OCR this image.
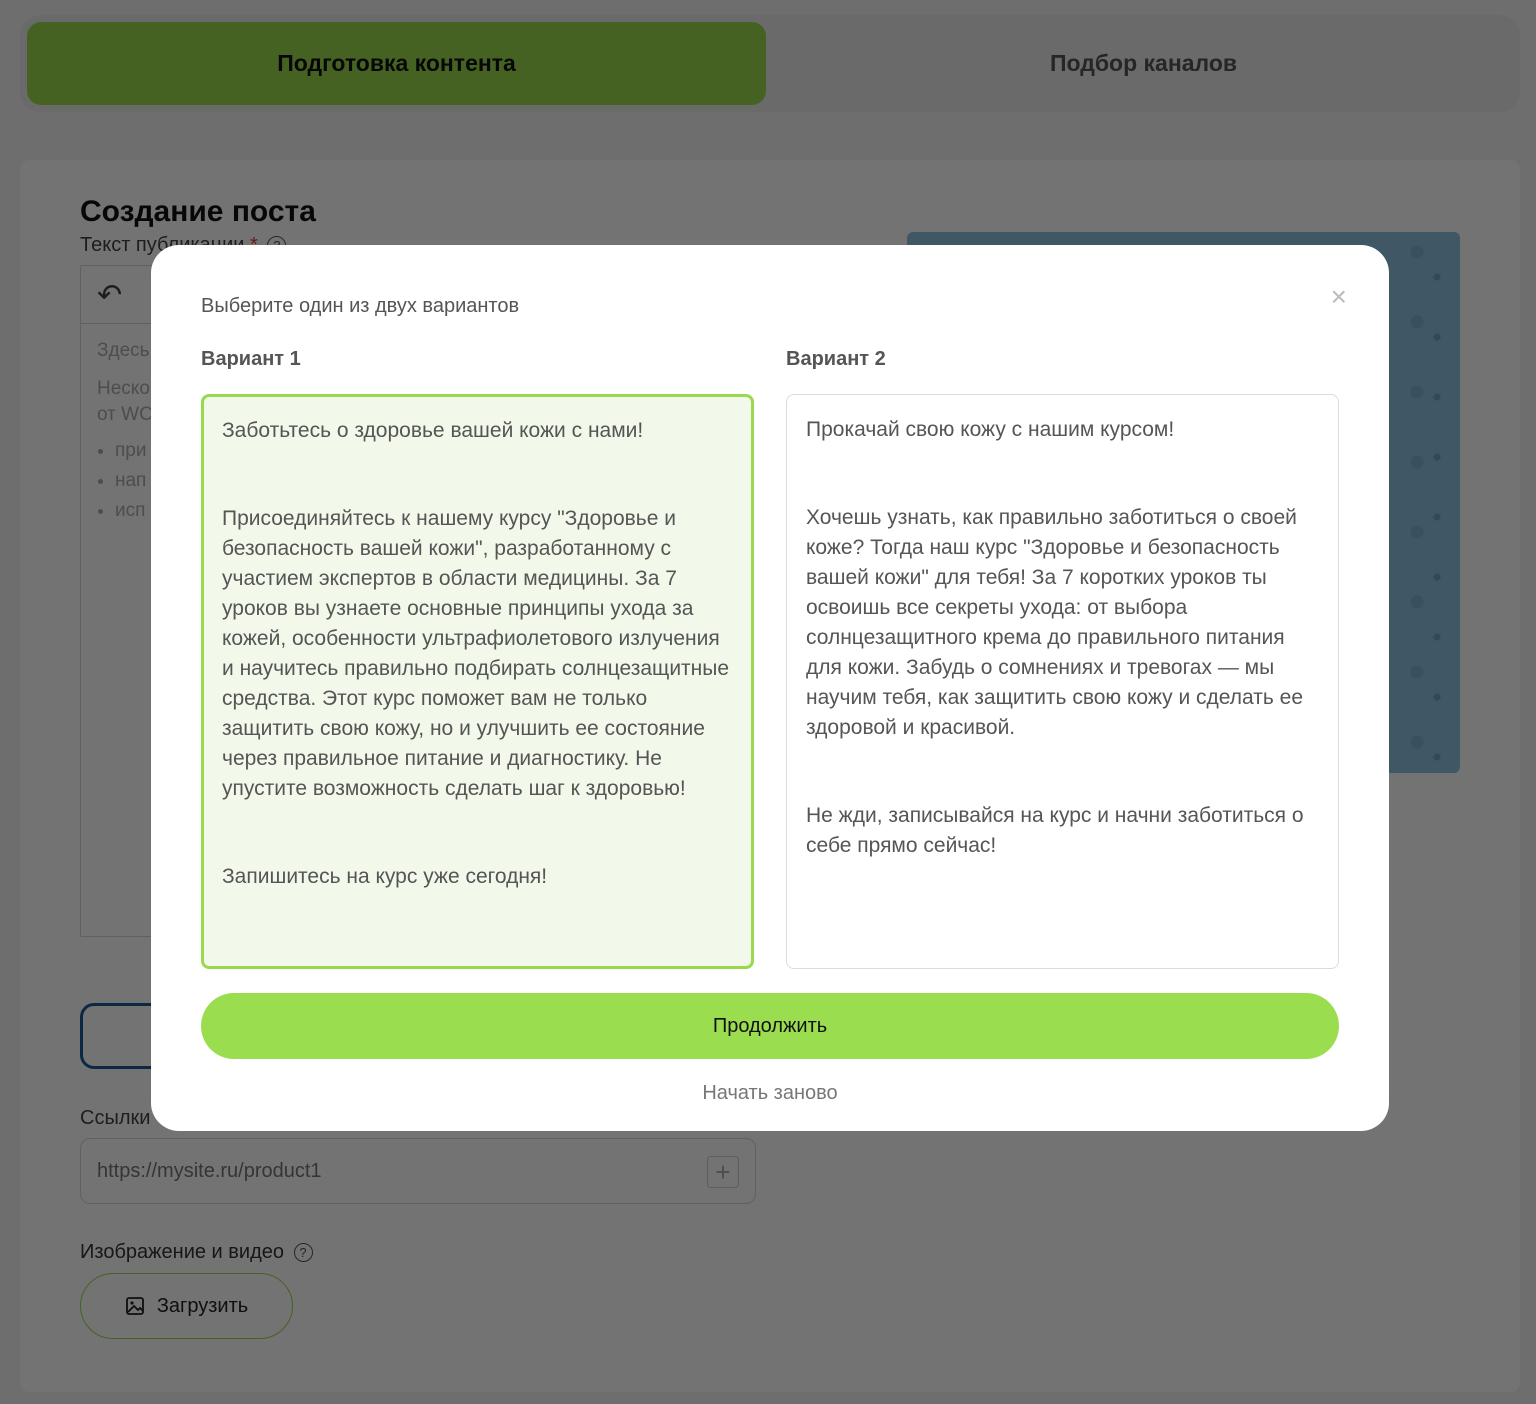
•
•
•
https://mysite.ru/product1
Выберите один из двух вариантов	×
Вариант 1

Заботьтесь о здоровье вашей кожи с нами!

Присоединяйтесь к нашему курсу "Здоровье и безопасность вашей кожи", разработанному с участием экспертов в области медицины. За 7 уроков вы узнаете основные принципы ухода за кожей, особенности ультрафиолетового излучения и научитесь правильно подбирать солнцезащитные средства. Этот курс поможет вам не только защитить свою кожу, но и улучшить ее состояние через правильное питание и диагностику. Не упустите возможность сделать шаг к здоровью!

Запишитесь на курс уже сегодня!

Вариант 2

Прокачай свою кожу с нашим курсом!

Хочешь узнать, как правильно заботиться о своей коже? Тогда наш курс "Здоровье и безопасность вашей кожи" для тебя! За 7 коротких уроков ты освоишь все секреты ухода: от выбора солнцезащитного крема до правильного питания для кожи. Забудь о сомнениях и тревогах — мы научим тебя, как защитить свою кожу и сделать ее здоровой и красивой.

Не жди, записывайся на курс и начни заботиться о себе прямо сейчас!

Продолжить
Начать заново
